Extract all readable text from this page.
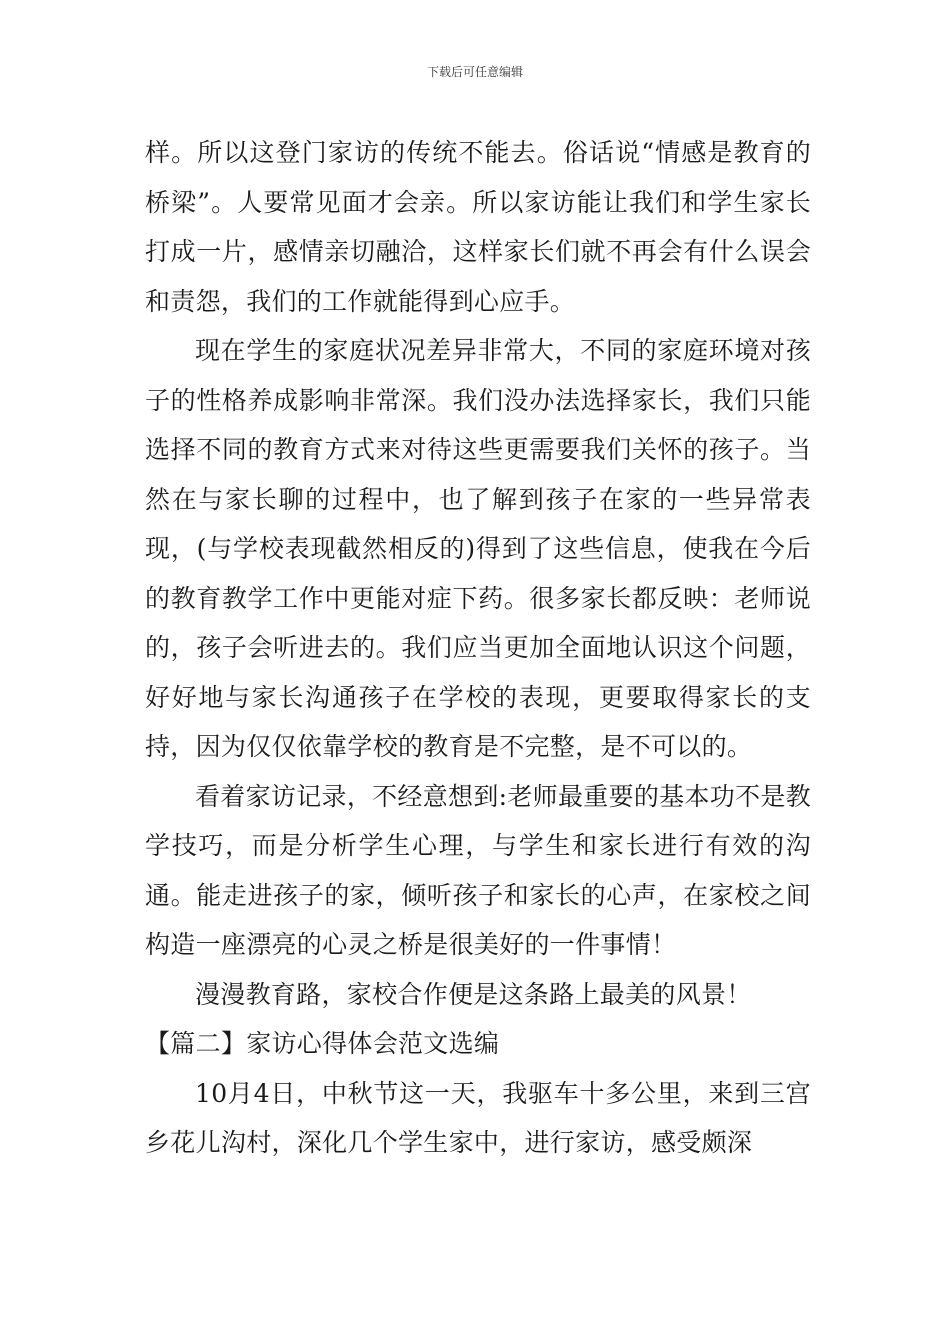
下载后可任意编辑

样。所以这登门家访的传统不能去。俗话说“情感是教育的桥梁”。人要常见面才会亲。所以家访能让我们和学生家长打成一片，感情亲切融洽，这样家长们就不再会有什么误会和责怨，我们的工作就能得到心应手。

现在学生的家庭状况差异非常大，不同的家庭环境对孩子的性格养成影响非常深。我们没办法选择家长，我们只能选择不同的教育方式来对待这些更需要我们关怀的孩子。当然在与家长聊的过程中，也了解到孩子在家的一些异常表现，(与学校表现截然相反的)得到了这些信息，使我在今后的教育教学工作中更能对症下药。很多家长都反映：老师说的，孩子会听进去的。我们应当更加全面地认识这个问题，好好地与家长沟通孩子在学校的表现，更要取得家长的支持，因为仅仅依靠学校的教育是不完整，是不可以的。

看着家访记录，不经意想到:老师最重要的基本功不是教学技巧，而是分析学生心理，与学生和家长进行有效的沟通。能走进孩子的家，倾听孩子和家长的心声，在家校之间构造一座漂亮的心灵之桥是很美好的一件事情！

漫漫教育路，家校合作便是这条路上最美的风景！

【篇二】家访心得体会范文选编

10月4日，中秋节这一天，我驱车十多公里，来到三宫乡花儿沟村，深化几个学生家中，进行家访，感受颇深
